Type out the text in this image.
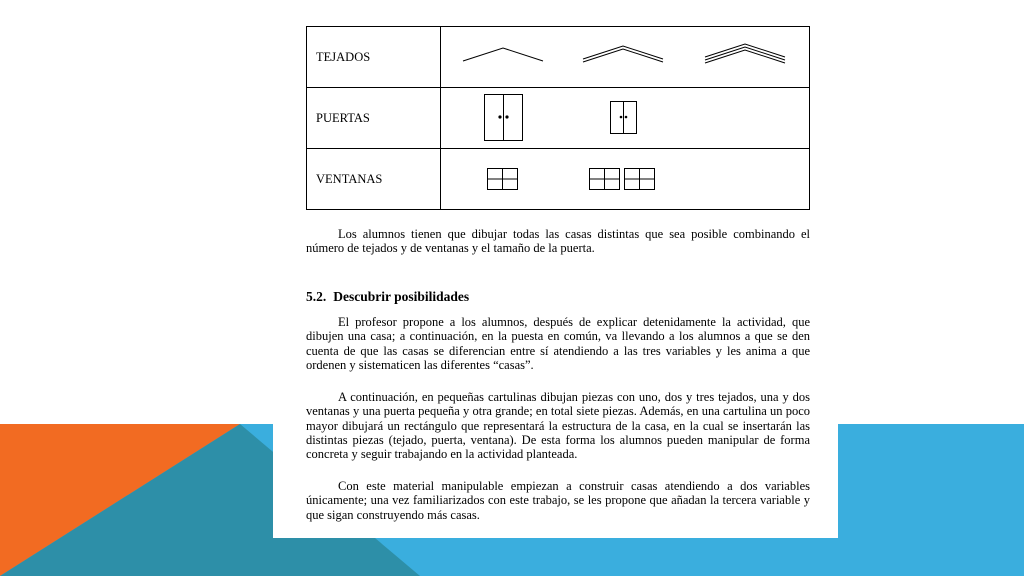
TEJADOS	

PUERTAS	

VENTANAS	

Los alumnos tienen que dibujar todas las casas distintas que sea posible combinando el número de tejados y de ventanas y el tamaño de la puerta.

5.2. Descubrir posibilidades

El profesor propone a los alumnos, después de explicar detenidamente la actividad, que dibujen una casa; a continuación, en la puesta en común, va llevando a los alumnos a que se den cuenta de que las casas se diferencian entre sí atendiendo a las tres variables y les anima a que ordenen y sistematicen las diferentes “casas”.

A continuación, en pequeñas cartulinas dibujan piezas con uno, dos y tres tejados, una y dos ventanas y una puerta pequeña y otra grande; en total siete piezas. Además, en una cartulina un poco mayor dibujará un rectángulo que representará la estructura de la casa, en la cual se insertarán las distintas piezas (tejado, puerta, ventana). De esta forma los alumnos pueden manipular de forma concreta y seguir trabajando en la actividad planteada.

Con este material manipulable empiezan a construir casas atendiendo a dos variables únicamente; una vez familiarizados con este trabajo, se les propone que añadan la tercera variable y que sigan construyendo más casas.
